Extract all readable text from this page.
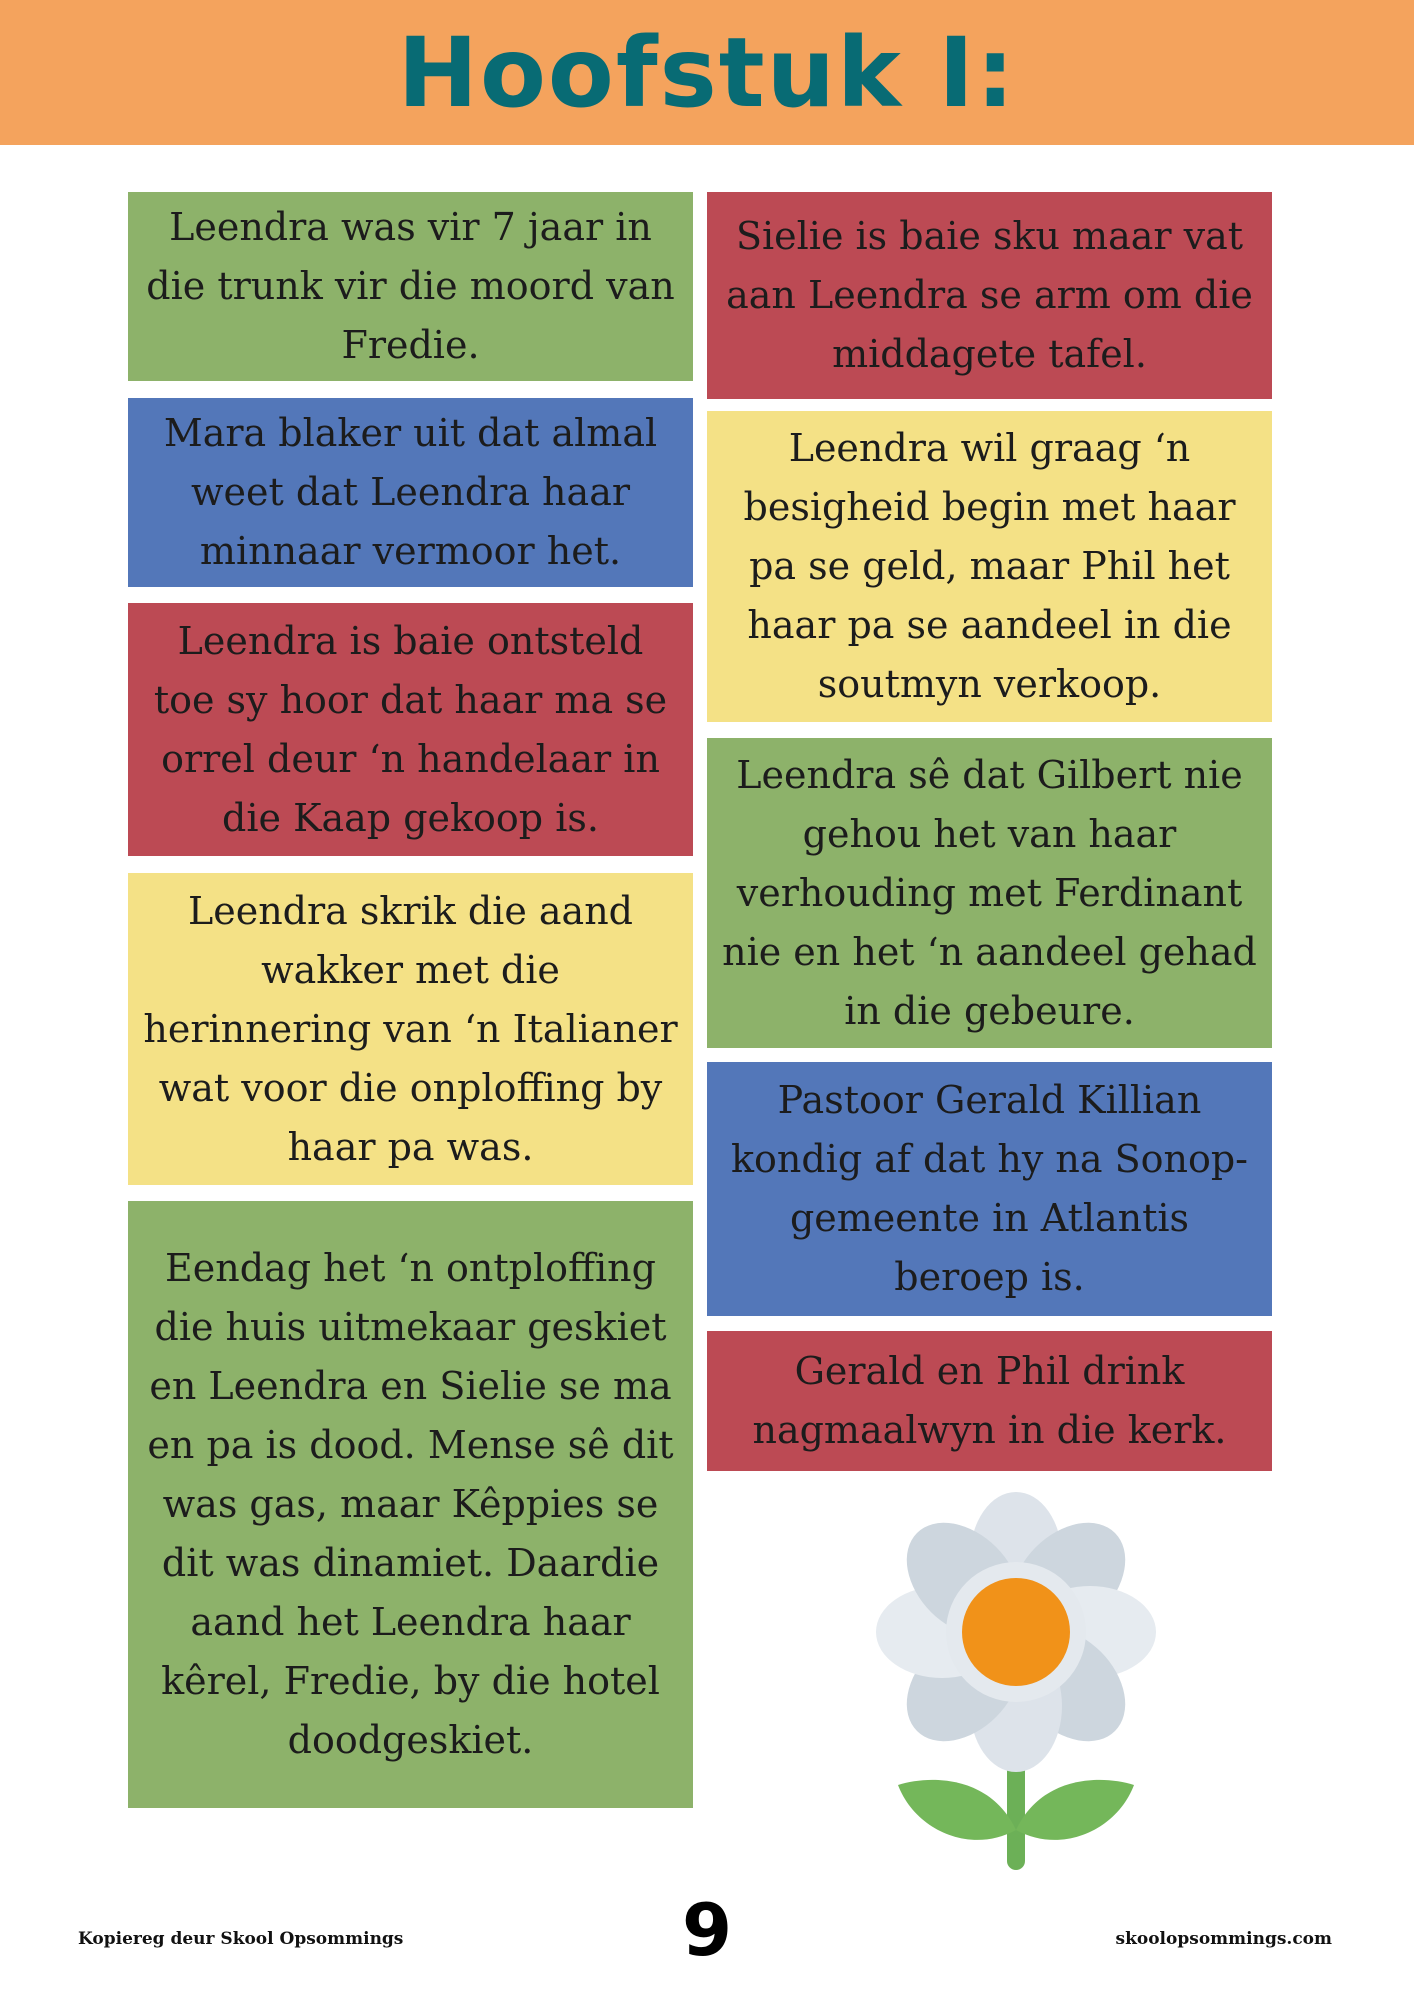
Hoofstuk I:
Leendra was vir 7 jaar in die trunk vir die moord van Fredie.
Mara blaker uit dat almal weet dat Leendra haar minnaar vermoor het.
Leendra is baie ontsteld toe sy hoor dat haar ma se orrel deur ‘n handelaar in die Kaap gekoop is.
Leendra skrik die aand wakker met die herinnering van ‘n Italianer wat voor die onploffing by haar pa was.
Eendag het ‘n ontploffing die huis uitmekaar geskiet en Leendra en Sielie se ma en pa is dood. Mense sê dit was gas, maar Kêppies se dit was dinamiet. Daardie aand het Leendra haar kêrel, Fredie, by die hotel doodgeskiet.
Sielie is baie sku maar vat aan Leendra se arm om die middagete tafel.
Leendra wil graag ‘n besigheid begin met haar pa se geld, maar Phil het haar pa se aandeel in die soutmyn verkoop.
Leendra sê dat Gilbert nie gehou het van haar verhouding met Ferdinant nie en het ‘n aandeel gehad in die gebeure.
Pastoor Gerald Killian kondig af dat hy na Sonop-gemeente in Atlantis beroep is.
Gerald en Phil drink nagmaalwyn in die kerk.
Kopiereg deur Skool Opsommings	9	skoolopsommings.com
